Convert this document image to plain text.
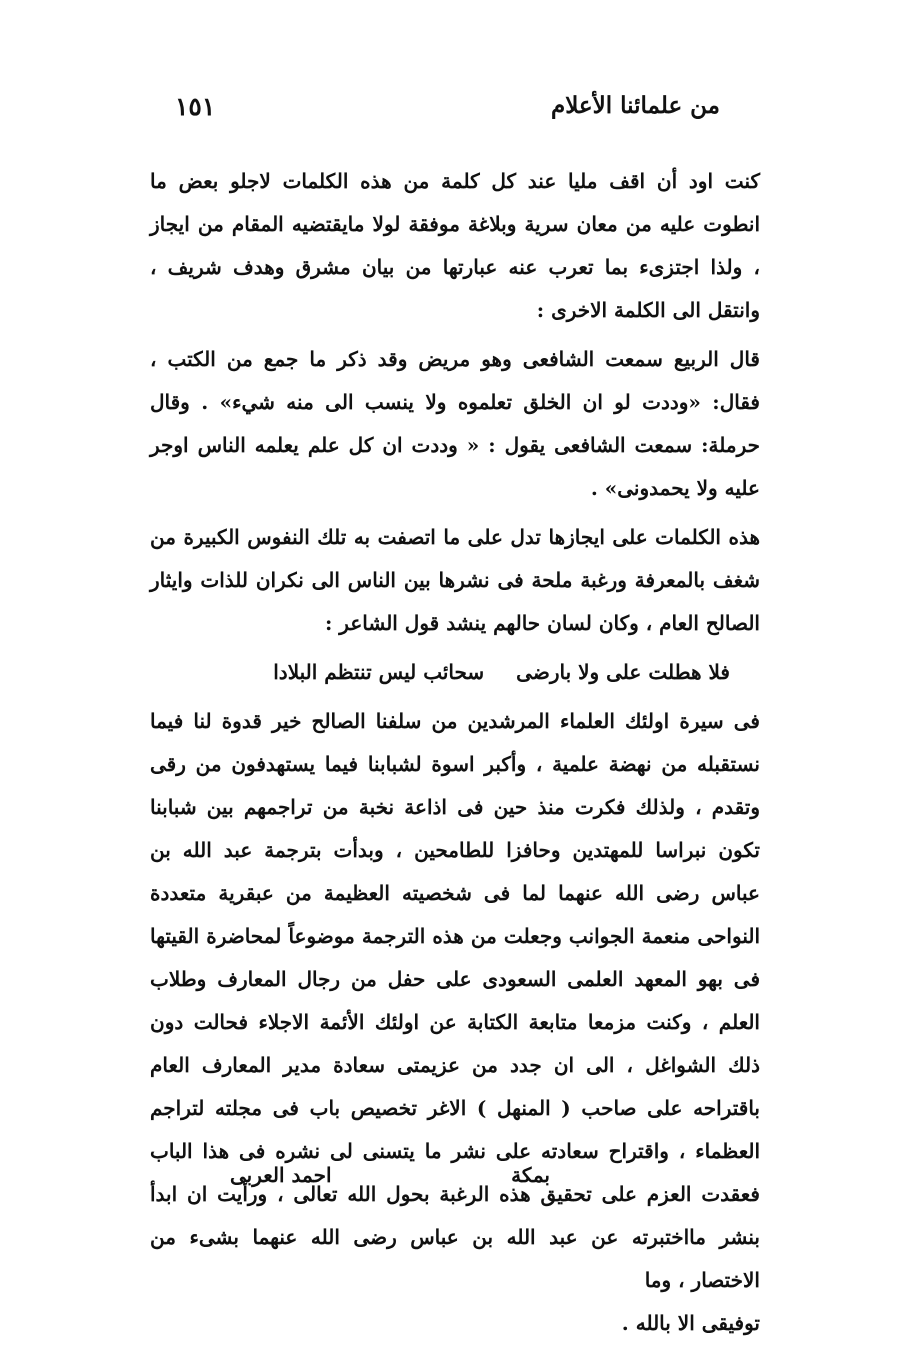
من علمائنا الأعلام
١٥١

كنت اود أن اقف مليا عند كل كلمة من هذه الكلمات لاجلو بعض ما انطوت عليه من معان سرية وبلاغة موفقة لولا مايقتضيه المقام من ايجاز ، ولذا اجتزىء بما تعرب عنه عبارتها من بيان مشرق وهدف شريف ، وانتقل الى الكلمة الاخرى :

قال الربيع سمعت الشافعى وهو مريض وقد ذكر ما جمع من الكتب ، فقال: «وددت لو ان الخلق تعلموه ولا ينسب الى منه شيء» . وقال حرملة: سمعت الشافعى يقول : « وددت ان كل علم يعلمه الناس اوجر عليه ولا يحمدونى» .

هذه الكلمات على ايجازها تدل على ما اتصفت به تلك النفوس الكبيرة من شغف بالمعرفة ورغبة ملحة فى نشرها بين الناس الى نكران للذات وايثار الصالح العام ، وكان لسان حالهم ينشد قول الشاعر :

فلا هطلت على ولا بارضى
سحائب ليس تنتظم البلادا

فى سيرة اولئك العلماء المرشدين من سلفنا الصالح خير قدوة لنا فيما نستقبله من نهضة علمية ، وأكبر اسوة لشبابنا فيما يستهدفون من رقى وتقدم ، ولذلك فكرت منذ حين فى اذاعة نخبة من تراجمهم بين شبابنا تكون نبراسا للمهتدين وحافزا للطامحين ، وبدأت بترجمة عبد الله بن عباس رضى الله عنهما لما فى شخصيته العظيمة من عبقرية متعددة النواحى منعمة الجوانب وجعلت من هذه الترجمة موضوعاً لمحاضرة القيتها فى بهو المعهد العلمى السعودى على حفل من رجال المعارف وطلاب العلم ، وكنت مزمعا متابعة الكتابة عن اولئك الأئمة الاجلاء فحالت دون ذلك الشواغل ، الى ان جدد من عزيمتى سعادة مدير المعارف العام باقتراحه على صاحب ( المنهل ) الاغر تخصيص باب فى مجلته لتراجم العظماء ، واقتراح سعادته على نشر ما يتسنى لى نشره فى هذا الباب فعقدت العزم على تحقيق هذه الرغبة بحول الله تعالى ، ورأيت ان ابدأ بنشر مااختبرته عن عبد الله بن عباس رضى الله عنهما بشىء من الاختصار ، وما

توفيقى الا بالله .

بمكة
احمد العربى
